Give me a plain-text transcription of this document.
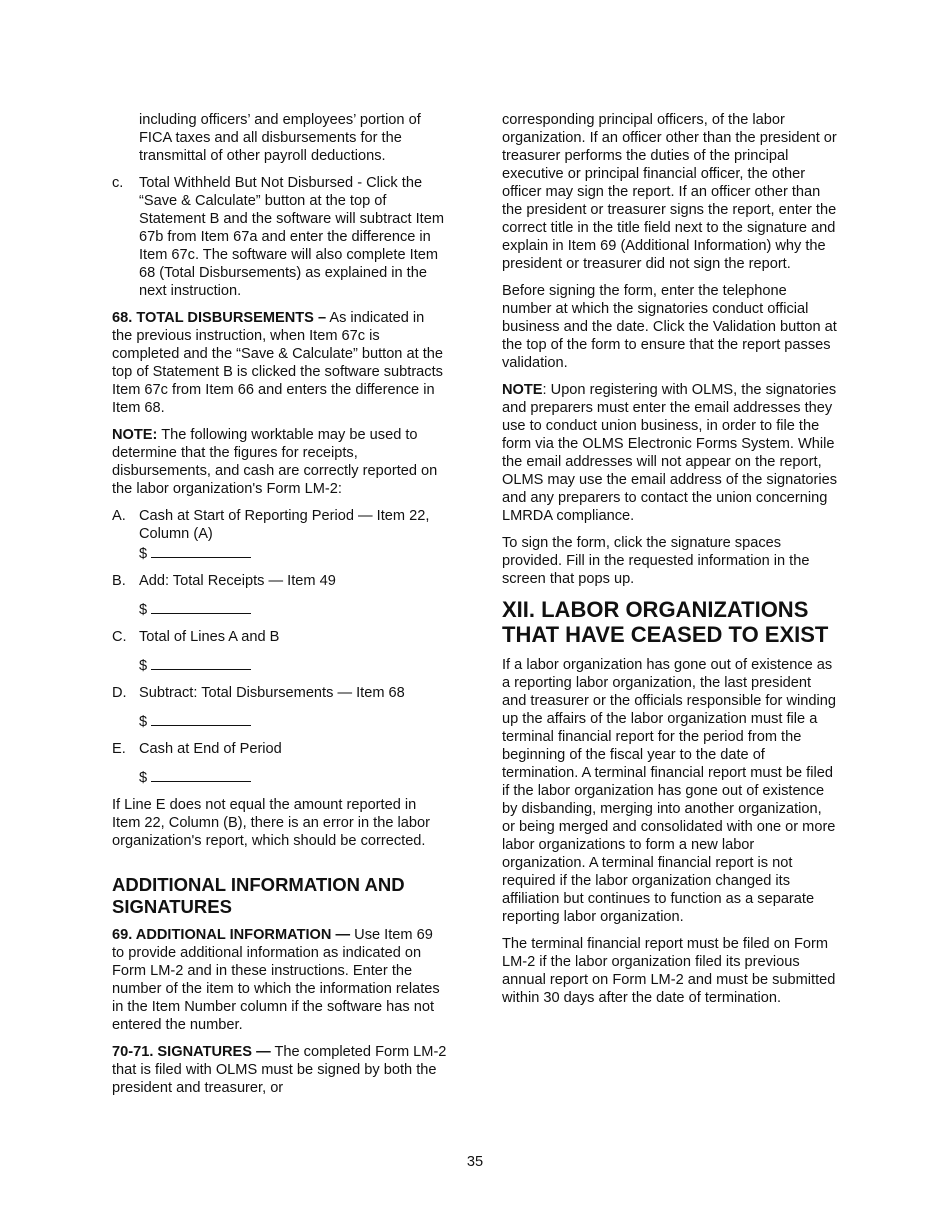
including officers’ and employees’ portion of FICA taxes and all disbursements for the transmittal of other payroll deductions.

c. Total Withheld But Not Disbursed - Click the “Save & Calculate” button at the top of Statement B and the software will subtract Item 67b from Item 67a and enter the difference in Item 67c. The software will also complete Item 68 (Total Disbursements) as explained in the next instruction.

68. TOTAL DISBURSEMENTS – As indicated in the previous instruction, when Item 67c is completed and the “Save & Calculate” button at the top of Statement B is clicked the software subtracts Item 67c from Item 66 and enters the difference in Item 68.

NOTE: The following worktable may be used to determine that the figures for receipts, disbursements, and cash are correctly reported on the labor organization's Form LM-2:

A. Cash at Start of Reporting Period — Item 22, Column (A)
$
B. Add: Total Receipts — Item 49
$
C. Total of Lines A and B
$
D. Subtract: Total Disbursements — Item 68
$
E. Cash at End of Period
$

If Line E does not equal the amount reported in Item 22, Column (B), there is an error in the labor organization's report, which should be corrected.

ADDITIONAL INFORMATION AND SIGNATURES

69. ADDITIONAL INFORMATION — Use Item 69 to provide additional information as indicated on Form LM-2 and in these instructions. Enter the number of the item to which the information relates in the Item Number column if the software has not entered the number.

70-71. SIGNATURES — The completed Form LM-2 that is filed with OLMS must be signed by both the president and treasurer, or

corresponding principal officers, of the labor organization. If an officer other than the president or treasurer performs the duties of the principal executive or principal financial officer, the other officer may sign the report. If an officer other than the president or treasurer signs the report, enter the correct title in the title field next to the signature and explain in Item 69 (Additional Information) why the president or treasurer did not sign the report.

Before signing the form, enter the telephone number at which the signatories conduct official business and the date. Click the Validation button at the top of the form to ensure that the report passes validation.

NOTE: Upon registering with OLMS, the signatories and preparers must enter the email addresses they use to conduct union business, in order to file the form via the OLMS Electronic Forms System. While the email addresses will not appear on the report, OLMS may use the email address of the signatories and any preparers to contact the union concerning LMRDA compliance.

To sign the form, click the signature spaces provided. Fill in the requested information in the screen that pops up.

XII. LABOR ORGANIZATIONS THAT HAVE CEASED TO EXIST

If a labor organization has gone out of existence as a reporting labor organization, the last president and treasurer or the officials responsible for winding up the affairs of the labor organization must file a terminal financial report for the period from the beginning of the fiscal year to the date of termination. A terminal financial report must be filed if the labor organization has gone out of existence by disbanding, merging into another organization, or being merged and consolidated with one or more labor organizations to form a new labor organization. A terminal financial report is not required if the labor organization changed its affiliation but continues to function as a separate reporting labor organization.

The terminal financial report must be filed on Form LM-2 if the labor organization filed its previous annual report on Form LM-2 and must be submitted within 30 days after the date of termination.

35
